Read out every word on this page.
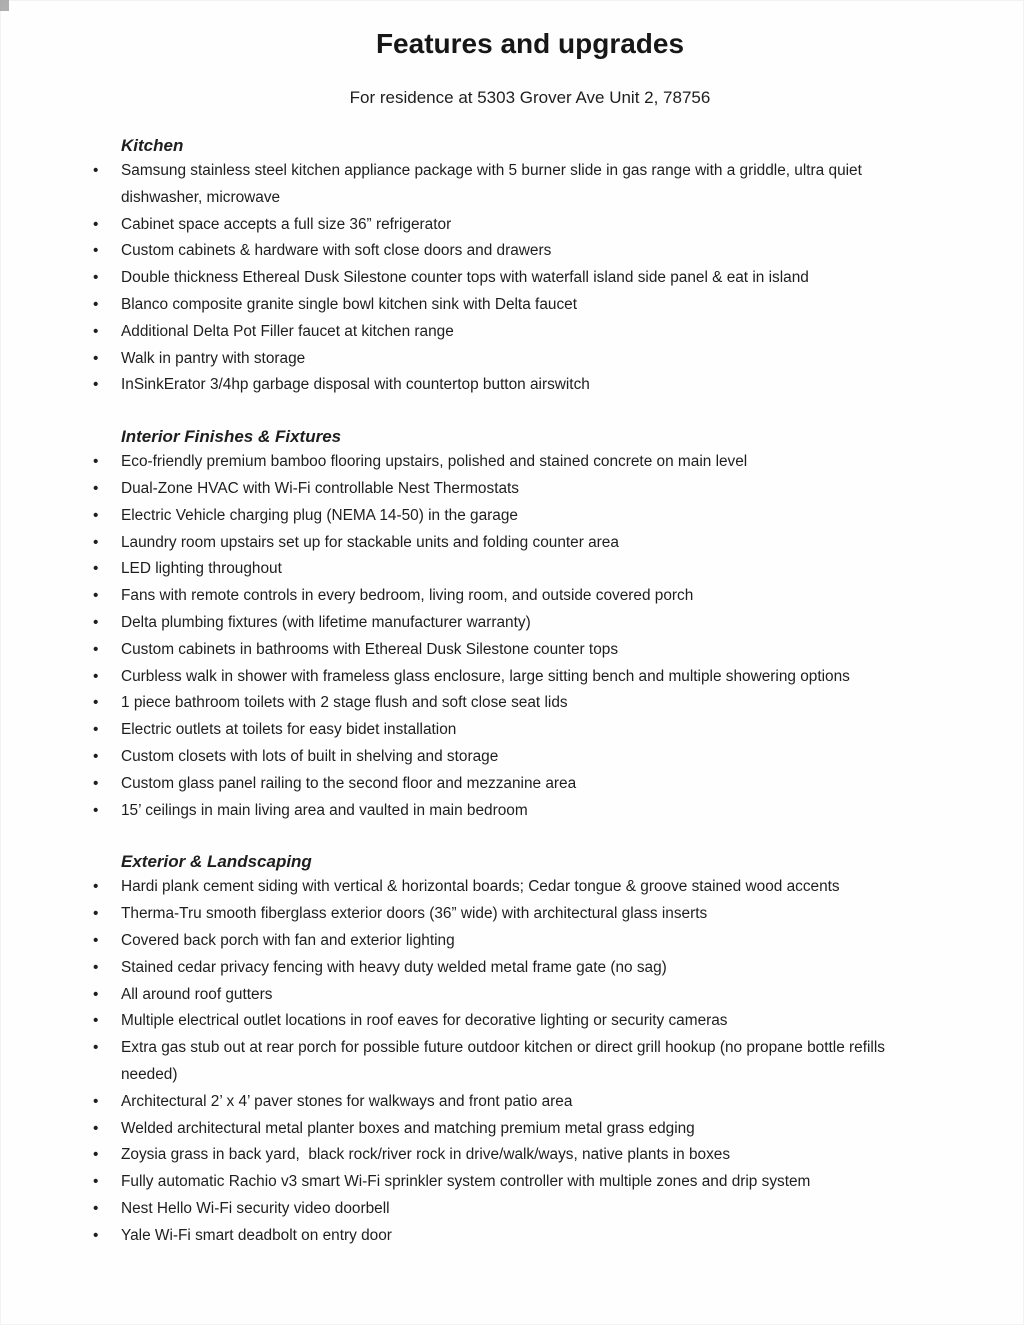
Features and upgrades

For residence at 5303 Grover Ave Unit 2, 78756

Kitchen
•	Samsung stainless steel kitchen appliance package with 5 burner slide in gas range with a griddle, ultra quiet dishwasher, microwave
•	Cabinet space accepts a full size 36” refrigerator
•	Custom cabinets & hardware with soft close doors and drawers
•	Double thickness Ethereal Dusk Silestone counter tops with waterfall island side panel & eat in island
•	Blanco composite granite single bowl kitchen sink with Delta faucet
•	Additional Delta Pot Filler faucet at kitchen range
•	Walk in pantry with storage
•	InSinkErator 3/4hp garbage disposal with countertop button airswitch
Interior Finishes & Fixtures
•	Eco-friendly premium bamboo flooring upstairs, polished and stained concrete on main level
•	Dual-Zone HVAC with Wi-Fi controllable Nest Thermostats
•	Electric Vehicle charging plug (NEMA 14-50) in the garage
•	Laundry room upstairs set up for stackable units and folding counter area
•	LED lighting throughout
•	Fans with remote controls in every bedroom, living room, and outside covered porch
•	Delta plumbing fixtures (with lifetime manufacturer warranty)
•	Custom cabinets in bathrooms with Ethereal Dusk Silestone counter tops
•	Curbless walk in shower with frameless glass enclosure, large sitting bench and multiple showering options
•	1 piece bathroom toilets with 2 stage flush and soft close seat lids
•	Electric outlets at toilets for easy bidet installation
•	Custom closets with lots of built in shelving and storage
•	Custom glass panel railing to the second floor and mezzanine area
•	15’ ceilings in main living area and vaulted in main bedroom
Exterior & Landscaping
•	Hardi plank cement siding with vertical & horizontal boards; Cedar tongue & groove stained wood accents
•	Therma-Tru smooth fiberglass exterior doors (36” wide) with architectural glass inserts
•	Covered back porch with fan and exterior lighting
•	Stained cedar privacy fencing with heavy duty welded metal frame gate (no sag)
•	All around roof gutters
•	Multiple electrical outlet locations in roof eaves for decorative lighting or security cameras
•	Extra gas stub out at rear porch for possible future outdoor kitchen or direct grill hookup (no propane bottle refills needed)
•	Architectural 2’ x 4’ paver stones for walkways and front patio area
•	Welded architectural metal planter boxes and matching premium metal grass edging
•	Zoysia grass in back yard,  black rock/river rock in drive/walk/ways, native plants in boxes
•	Fully automatic Rachio v3 smart Wi-Fi sprinkler system controller with multiple zones and drip system
•	Nest Hello Wi-Fi security video doorbell
•	Yale Wi-Fi smart deadbolt on entry door
